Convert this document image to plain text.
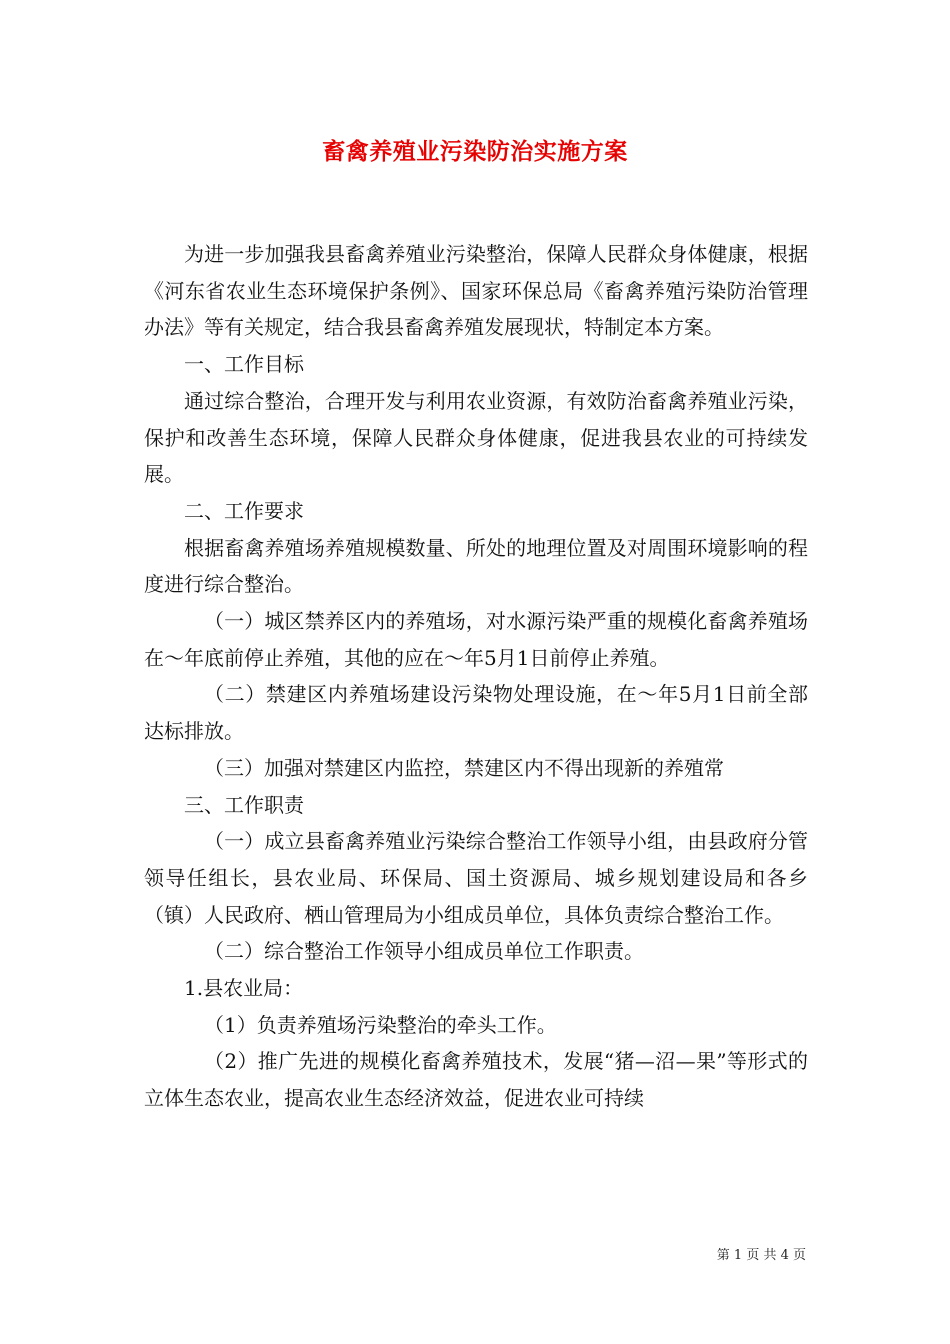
畜禽养殖业污染防治实施方案

为进一步加强我县畜禽养殖业污染整治，保障人民群众身体健康，根据《河东省农业生态环境保护条例》、国家环保总局《畜禽养殖污染防治管理办法》等有关规定，结合我县畜禽养殖发展现状，特制定本方案。

一、工作目标

通过综合整治，合理开发与利用农业资源，有效防治畜禽养殖业污染，保护和改善生态环境，保障人民群众身体健康，促进我县农业的可持续发展。

二、工作要求

根据畜禽养殖场养殖规模数量、所处的地理位置及对周围环境影响的程度进行综合整治。

（一）城区禁养区内的养殖场，对水源污染严重的规模化畜禽养殖场在～年底前停止养殖，其他的应在～年5月1日前停止养殖。

（二）禁建区内养殖场建设污染物处理设施，在～年5月1日前全部达标排放。

（三）加强对禁建区内监控，禁建区内不得出现新的养殖常

三、工作职责

（一）成立县畜禽养殖业污染综合整治工作领导小组，由县政府分管领导任组长，县农业局、环保局、国土资源局、城乡规划建设局和各乡（镇）人民政府、栖山管理局为小组成员单位，具体负责综合整治工作。

（二）综合整治工作领导小组成员单位工作职责。

1.县农业局：

（1）负责养殖场污染整治的牵头工作。

（2）推广先进的规模化畜禽养殖技术，发展“猪—沼—果”等形式的立体生态农业，提高农业生态经济效益，促进农业可持续

第 1 页 共 4 页
